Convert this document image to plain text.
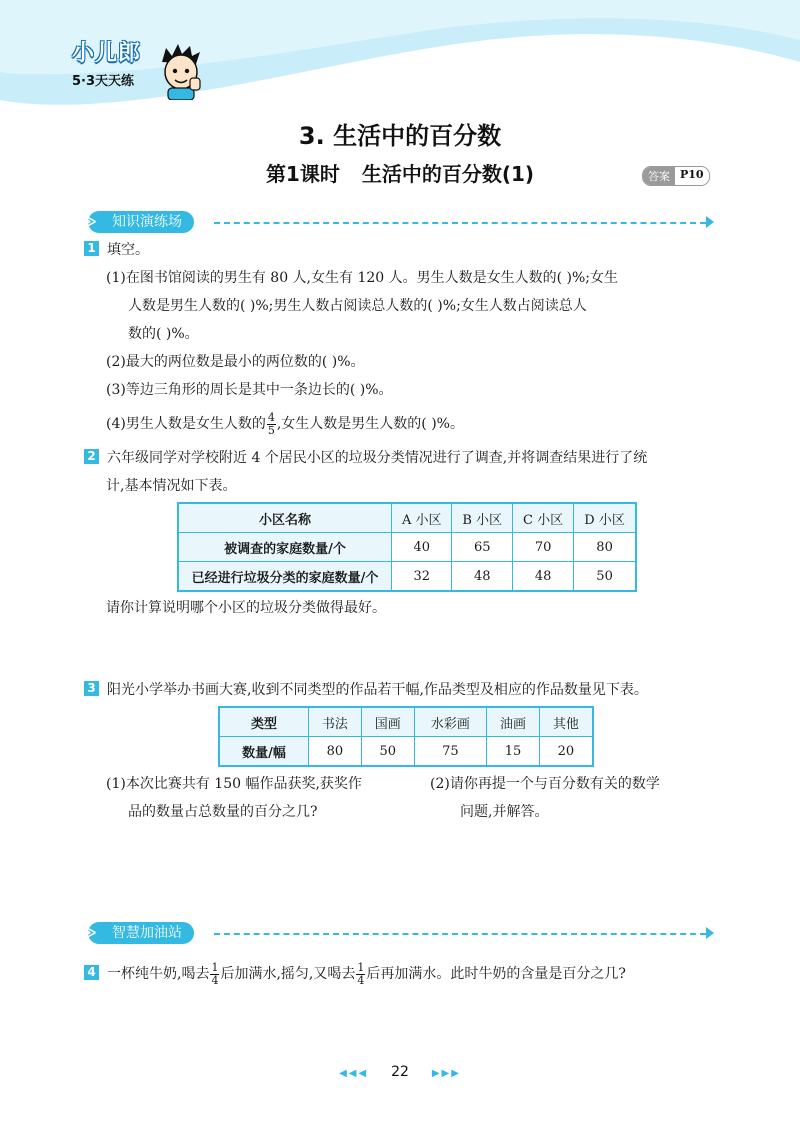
小儿郎
5·3天天练
3. 生活中的百分数
第1课时 生活中的百分数(1)	答案 P10
知识演练场
≫
1 填空。
(1)在图书馆阅读的男生有 80 人,女生有 120 人。男生人数是女生人数的( )%;女生
人数是男生人数的( )%;男生人数占阅读总人数的( )%;女生人数占阅读总人
数的( )%。
(2)最大的两位数是最小的两位数的( )%。
(3)等边三角形的周长是其中一条边长的( )%。
(4)男生人数是女生人数的 $\frac{4}{5}$ ,女生人数是男生人数的( )%。
2 六年级同学对学校附近 4 个居民小区的垃圾分类情况进行了调查,并将调查结果进行了统
计,基本情况如下表。
小区名称	A 小区	B 小区	C 小区	D 小区
被调查的家庭数量/个	40	65	70	80
已经进行垃圾分类的家庭数量/个	32	48	48	50
请你计算说明哪个小区的垃圾分类做得最好。
3 阳光小学举办书画大赛,收到不同类型的作品若干幅,作品类型及相应的作品数量见下表。
类型	书法	国画	水彩画	油画	其他
数量/幅	80	50	75	15	20
(1)本次比赛共有 150 幅作品获奖,获奖作
品的数量占总数量的百分之几?
(2)请你再提一个与百分数有关的数学
问题,并解答。
智慧加油站
≫
4 一杯纯牛奶,喝去 $\frac{1}{4}$ 后加满水,摇匀,又喝去 $\frac{1}{4}$ 后再加满水。此时牛奶的含量是百分之几?
◀◀◀ 22 ▶▶▶
